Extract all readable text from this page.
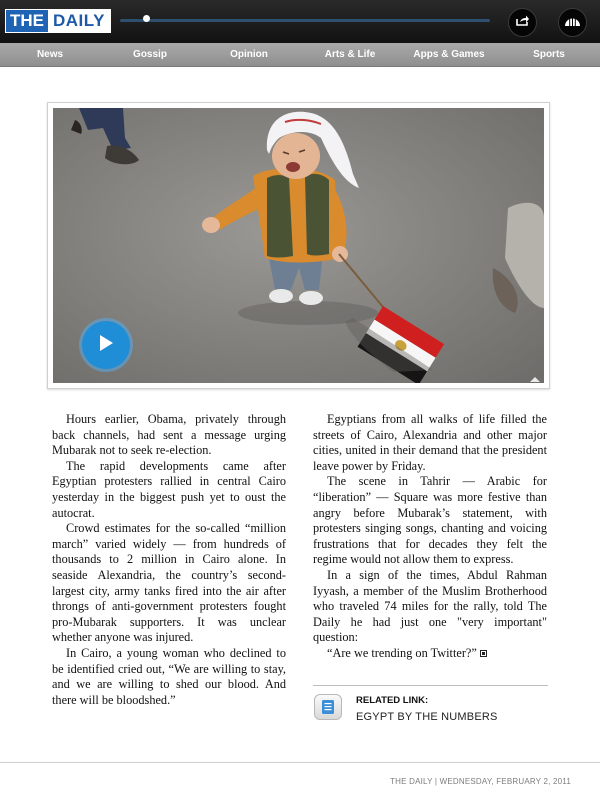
THE DAILY
News	Gossip	Opinion	Arts & Life	Apps & Games	Sports

Hours earlier, Obama, privately through back channels, had sent a message urging Mubarak not to seek re-election.

The rapid developments came after Egyptian protesters rallied in central Cairo yesterday in the biggest push yet to oust the autocrat.

Crowd estimates for the so-called “million march” varied widely — from hundreds of thousands to 2 million in Cairo alone. In seaside Alexandria, the country’s second-largest city, army tanks fired into the air after throngs of anti-government protesters fought pro-Mubarak supporters. It was unclear whether anyone was injured.

In Cairo, a young woman who declined to be identified cried out, “We are willing to stay, and we are willing to shed our blood. And there will be bloodshed.”

Egyptians from all walks of life filled the streets of Cairo, Alexandria and other major cities, united in their demand that the president leave power by Friday.

The scene in Tahrir — Arabic for “liberation” — Square was more festive than angry before Mubarak’s statement, with protesters singing songs, chanting and voicing frustrations that for decades they felt the regime would not allow them to express.

In a sign of the times, Abdul Rahman Iyyash, a member of the Muslim Brotherhood who traveled 74 miles for the rally, told The Daily he had just one "very important" question:

“Are we trending on Twitter?”

RELATED LINK:
EGYPT BY THE NUMBERS
THE DAILY | WEDNESDAY, FEBRUARY 2, 2011
